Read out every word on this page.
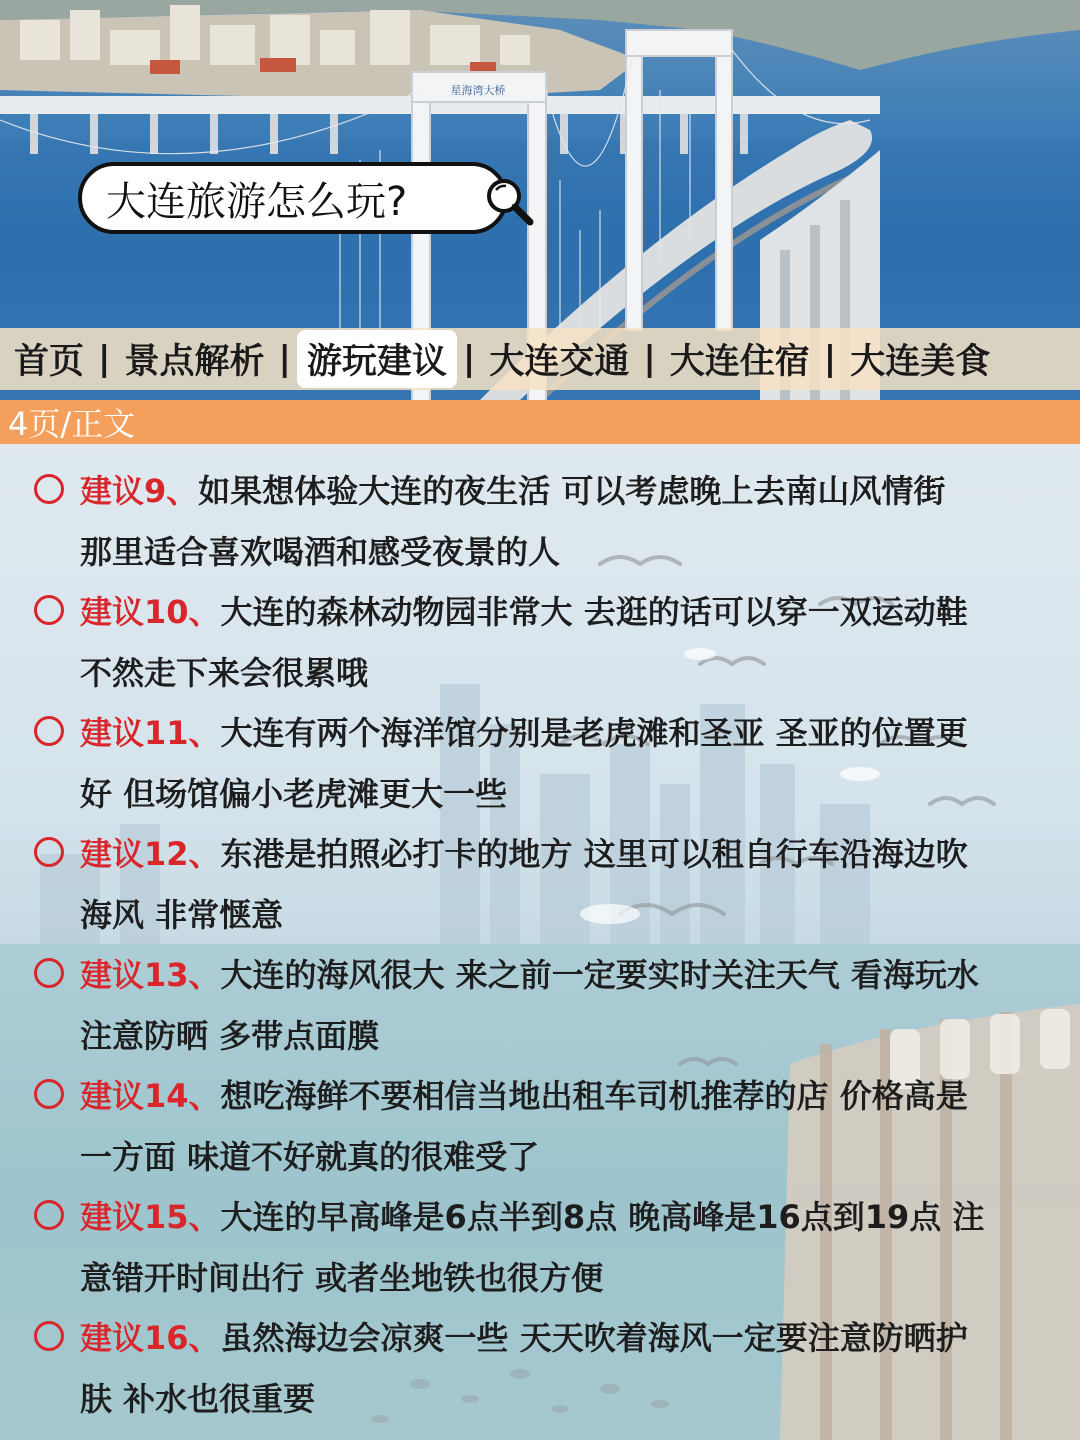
星海湾大桥
大连旅游怎么玩?
首页 | 景点解析 | 游玩建议 | 大连交通 | 大连住宿 | 大连美食
4页/正文
建议9、如果想体验大连的夜生活 可以考虑晚上去南山风情街
那里适合喜欢喝酒和感受夜景的人
建议10、大连的森林动物园非常大 去逛的话可以穿一双运动鞋
不然走下来会很累哦
建议11、大连有两个海洋馆分别是老虎滩和圣亚 圣亚的位置更
好 但场馆偏小老虎滩更大一些
建议12、东港是拍照必打卡的地方 这里可以租自行车沿海边吹
海风 非常惬意
建议13、大连的海风很大 来之前一定要实时关注天气 看海玩水
注意防晒 多带点面膜
建议14、想吃海鲜不要相信当地出租车司机推荐的店 价格高是
一方面 味道不好就真的很难受了
建议15、大连的早高峰是6点半到8点 晚高峰是16点到19点 注
意错开时间出行 或者坐地铁也很方便
建议16、虽然海边会凉爽一些 天天吹着海风一定要注意防晒护
肤 补水也很重要
